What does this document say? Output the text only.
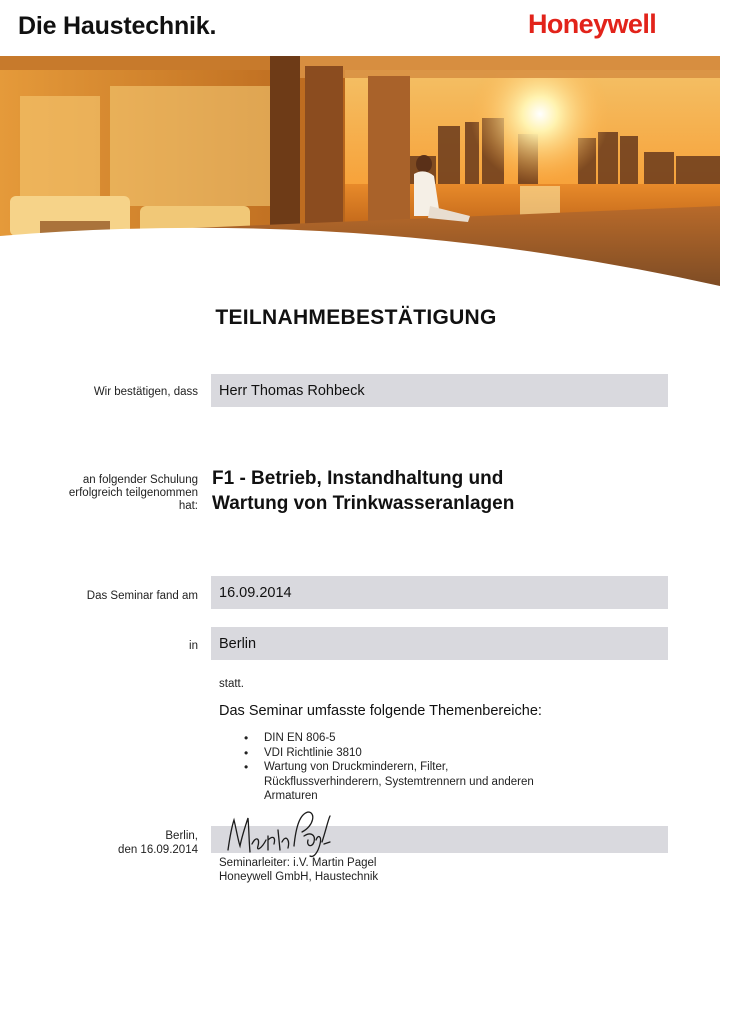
Die Haustechnik.	Honeywell
TEILNAHMEBESTÄTIGUNG
Wir bestätigen, dass Herr Thomas Rohbeck
an folgender Schulung
erfolgreich teilgenommen
hat:
F1 - Betrieb, Instandhaltung und
Wartung von Trinkwasseranlagen
Das Seminar fand am 16.09.2014
in Berlin
statt.
Das Seminar umfasste folgende Themenbereiche:
• DIN EN 806-5
• VDI Richtlinie 3810
• Wartung von Druckminderern, Filter, Rückflussverhinderern, Systemtrennern und anderen Armaturen
Berlin,
den 16.09.2014
Seminarleiter: i.V. Martin Pagel
Honeywell GmbH, Haustechnik
